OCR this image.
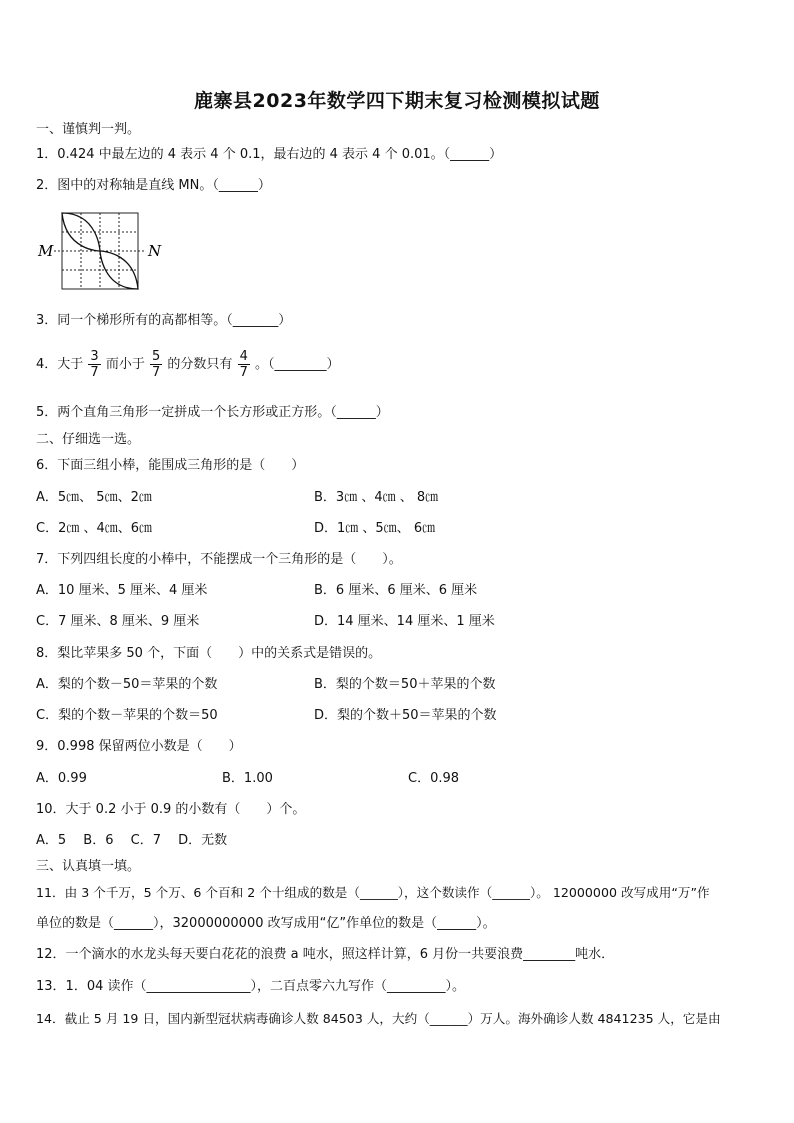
鹿寨县2023年数学四下期末复习检测模拟试题
一、谨慎判一判。
1．0.424 中最左边的 4 表示 4 个 0.1，最右边的 4 表示 4 个 0.01。（______）
2．图中的对称轴是直线 MN。（______）
M	N
3．同一个梯形所有的高都相等。（_______）
4．大于 $\frac{3}{7}$ 而小于 $\frac{5}{7}$ 的分数只有 $\frac{4}{7}$ 。（________）
5．两个直角三角形一定拼成一个长方形或正方形。（______）
二、仔细选一选。
6．下面三组小棒，能围成三角形的是（　　）
A．5㎝、 5㎝、2㎝	B．3㎝ 、4㎝ 、 8㎝
C．2㎝ 、4㎝、6㎝	D．1㎝ 、5㎝、 6㎝
7．下列四组长度的小棒中，不能摆成一个三角形的是（　　）。
A．10 厘米、5 厘米、4 厘米	B．6 厘米、6 厘米、6 厘米
C．7 厘米、8 厘米、9 厘米	D．14 厘米、14 厘米、1 厘米
8．梨比苹果多 50 个，下面（　　）中的关系式是错误的。
A．梨的个数－50＝苹果的个数	B．梨的个数＝50＋苹果的个数
C．梨的个数－苹果的个数＝50	D．梨的个数＋50＝苹果的个数
9．0.998 保留两位小数是（　　）
A．0.99	B．1.00	C．0.98
10．大于 0.2 小于 0.9 的小数有（　　）个。
A．5　 B．6　 C．7　 D．无数
三、认真填一填。
11．由 3 个千万，5 个万、6 个百和 2 个十组成的数是（______），这个数读作（______）。 12000000 改写成用“万”作
单位的数是（______），32000000000 改写成用“亿”作单位的数是（______）。
12．一个滴水的水龙头每天要白花花的浪费 a 吨水，照这样计算，6 月份一共要浪费________吨水．
13．1．04 读作（________________），二百点零六九写作（_________）。
14．截止 5 月 19 日，国内新型冠状病毒确诊人数 84503 人，大约（______）万人。海外确诊人数 4841235 人，它是由
